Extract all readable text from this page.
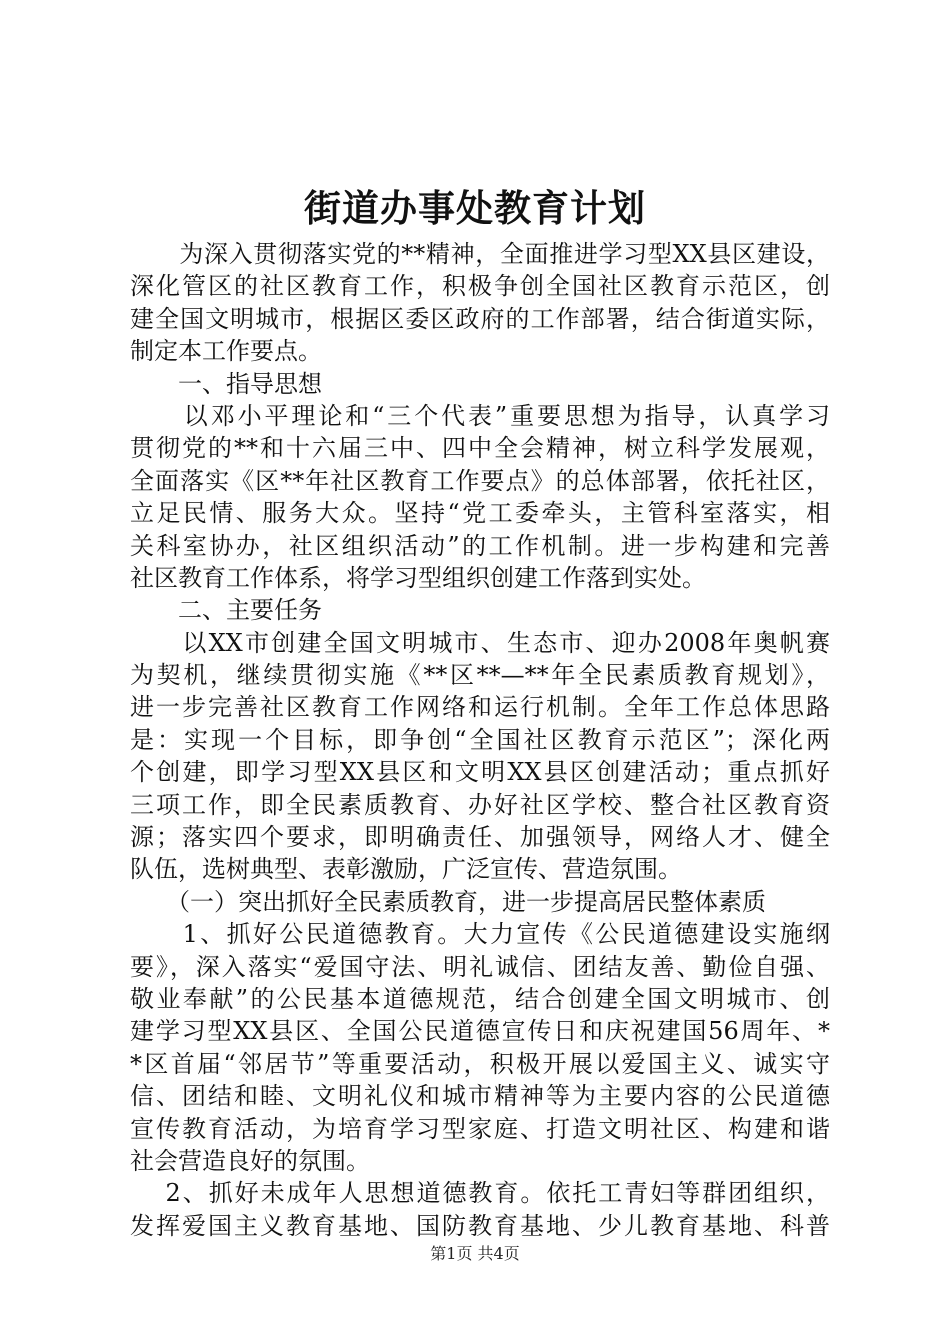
街道办事处教育计划
　　为深入贯彻落实党的**精神，全面推进学习型XX县区建设，
深化管区的社区教育工作，积极争创全国社区教育示范区，创
建全国文明城市，根据区委区政府的工作部署，结合街道实际，
制定本工作要点。
　　一、指导思想
　　以邓小平理论和“三个代表”重要思想为指导，认真学习
贯彻党的**和十六届三中、四中全会精神，树立科学发展观，
全面落实《区**年社区教育工作要点》的总体部署，依托社区，
立足民情、服务大众。坚持“党工委牵头，主管科室落实，相
关科室协办，社区组织活动”的工作机制。进一步构建和完善
社区教育工作体系，将学习型组织创建工作落到实处。
　　二、主要任务
　　以XX市创建全国文明城市、生态市、迎办2008年奥帆赛
为契机，继续贯彻实施《**区**—**年全民素质教育规划》，
进一步完善社区教育工作网络和运行机制。全年工作总体思路
是：实现一个目标，即争创“全国社区教育示范区”；深化两
个创建，即学习型XX县区和文明XX县区创建活动；重点抓好
三项工作，即全民素质教育、办好社区学校、整合社区教育资
源；落实四个要求，即明确责任、加强领导，网络人才、健全
队伍，选树典型、表彰激励，广泛宣传、营造氛围。
　　（一）突出抓好全民素质教育，进一步提高居民整体素质
　　1、抓好公民道德教育。大力宣传《公民道德建设实施纲
要》，深入落实“爱国守法、明礼诚信、团结友善、勤俭自强、
敬业奉献”的公民基本道德规范，结合创建全国文明城市、创
建学习型XX县区、全国公民道德宣传日和庆祝建国56周年、*
*区首届“邻居节”等重要活动，积极开展以爱国主义、诚实守
信、团结和睦、文明礼仪和城市精神等为主要内容的公民道德
宣传教育活动，为培育学习型家庭、打造文明社区、构建和谐
社会营造良好的氛围。
　 2、抓好未成年人思想道德教育。依托工青妇等群团组织，
发挥爱国主义教育基地、国防教育基地、少儿教育基地、科普
第1页 共4页
